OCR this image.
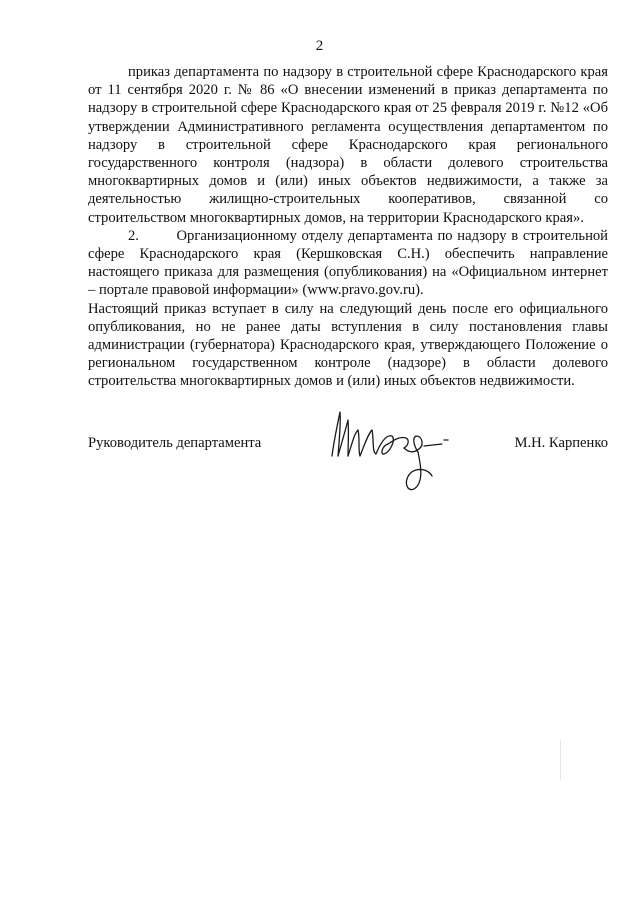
2

приказ департамента по надзору в строительной сфере Краснодарского края от 11 сентября 2020 г. № 86 «О внесении изменений в приказ департамента по надзору в строительной сфере Краснодарского края от 25 февраля 2019 г. №12 «Об утверждении Административного регламента осуществления департаментом по надзору в строительной сфере Краснодарского края регионального государственного контроля (надзора) в области долевого строительства многоквартирных домов и (или) иных объектов недвижимости, а также за деятельностью жилищно-строительных кооперативов, связанной со строительством многоквартирных домов, на территории Краснодарского края».

2.	Организационному отделу департамента по надзору в строительной сфере Краснодарского края (Кершковская С.Н.) обеспечить направление настоящего приказа для размещения (опубликования) на «Официальном интернет – портале правовой информации» (www.pravo.gov.ru).

Настоящий приказ вступает в силу на следующий день после его официального опубликования, но не ранее даты вступления в силу постановления главы администрации (губернатора) Краснодарского края, утверждающего Положение о региональном государственном контроле (надзоре) в области долевого строительства многоквартирных домов и (или) иных объектов недвижимости.

Руководитель департамента	М.Н. Карпенко
